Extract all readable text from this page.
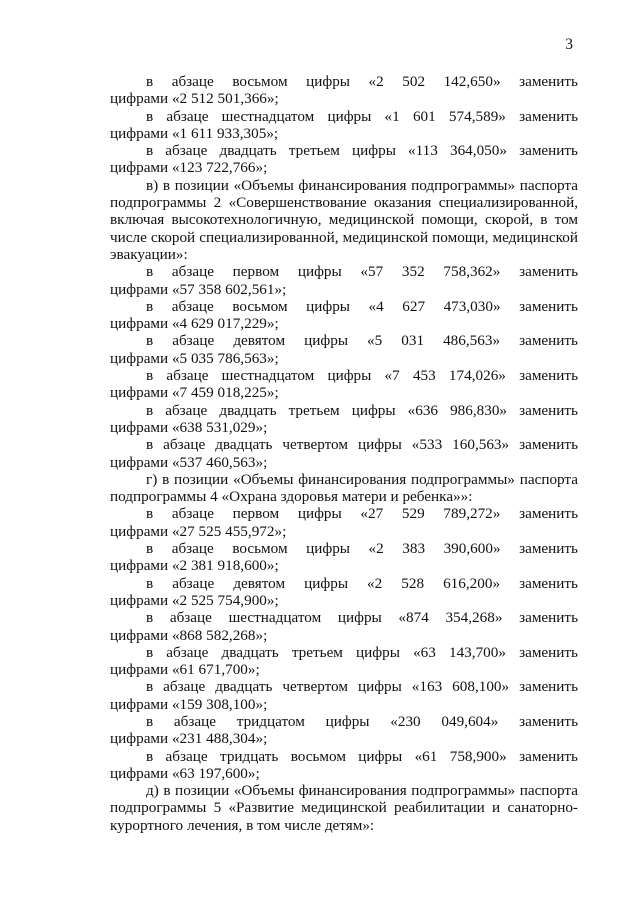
3
в абзаце восьмом цифры «2 502 142,650» заменить
цифрами «2 512 501,366»;
в абзаце шестнадцатом цифры «1 601 574,589» заменить
цифрами «1 611 933,305»;
в абзаце двадцать третьем цифры «113 364,050» заменить
цифрами «123 722,766»;
в) в позиции «Объемы финансирования подпрограммы» паспорта
подпрограммы 2 «Совершенствование оказания специализированной,
включая высокотехнологичную, медицинской помощи, скорой, в том
числе скорой специализированной, медицинской помощи, медицинской
эвакуации»:
в абзаце первом цифры «57 352 758,362» заменить
цифрами «57 358 602,561»;
в абзаце восьмом цифры «4 627 473,030» заменить
цифрами «4 629 017,229»;
в абзаце девятом цифры «5 031 486,563» заменить
цифрами «5 035 786,563»;
в абзаце шестнадцатом цифры «7 453 174,026» заменить
цифрами «7 459 018,225»;
в абзаце двадцать третьем цифры «636 986,830» заменить
цифрами «638 531,029»;
в абзаце двадцать четвертом цифры «533 160,563» заменить
цифрами «537 460,563»;
г) в позиции «Объемы финансирования подпрограммы» паспорта
подпрограммы 4 «Охрана здоровья матери и ребенка»»:
в абзаце первом цифры «27 529 789,272» заменить
цифрами «27 525 455,972»;
в абзаце восьмом цифры «2 383 390,600» заменить
цифрами «2 381 918,600»;
в абзаце девятом цифры «2 528 616,200» заменить
цифрами «2 525 754,900»;
в абзаце шестнадцатом цифры «874 354,268» заменить
цифрами «868 582,268»;
в абзаце двадцать третьем цифры «63 143,700» заменить
цифрами «61 671,700»;
в абзаце двадцать четвертом цифры «163 608,100» заменить
цифрами «159 308,100»;
в абзаце тридцатом цифры «230 049,604» заменить
цифрами «231 488,304»;
в абзаце тридцать восьмом цифры «61 758,900» заменить
цифрами «63 197,600»;
д) в позиции «Объемы финансирования подпрограммы» паспорта
подпрограммы 5 «Развитие медицинской реабилитации и санаторно-
курортного лечения, в том числе детям»:
